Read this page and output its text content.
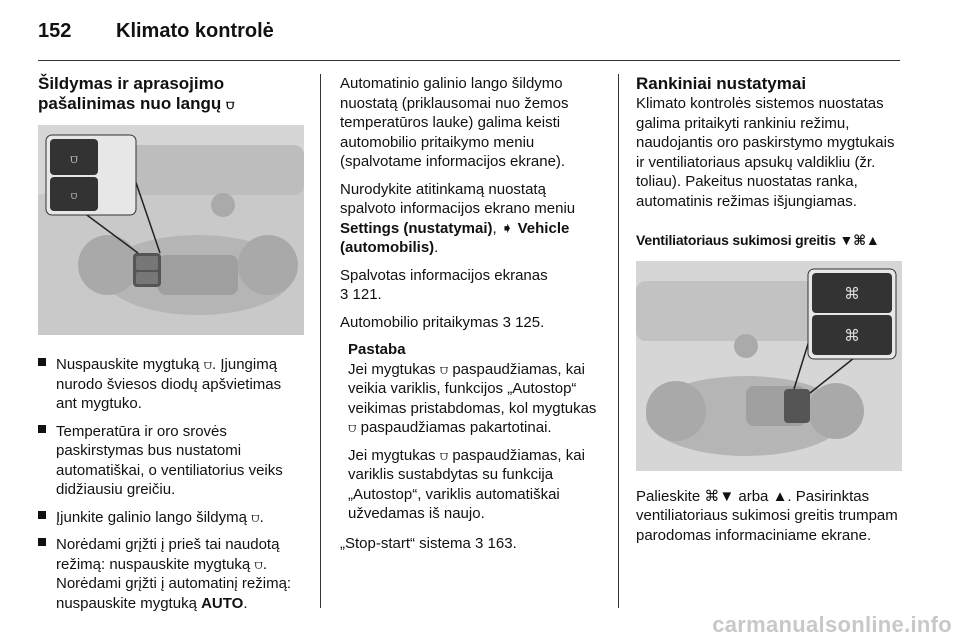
152	Klimato kontrolė
Šildymas ir aprasojimo pašalinimas nuo langų ⩌
⩌
⩌
Nuspauskite mygtuką ⩌. Įjungimą nurodo šviesos diodų apšvietimas ant mygtuko.
Temperatūra ir oro srovės paskirstymas bus nustatomi automatiškai, o ventiliatorius veiks didžiausiu greičiu.
Įjunkite galinio lango šildymą ⩌.
Norėdami grįžti į prieš tai naudotą režimą: nuspauskite mygtuką ⩌. Norėdami grįžti į automatinį režimą: nuspauskite mygtuką AUTO.

Automatinio galinio lango šildymo nuostatą (priklausomai nuo žemos temperatūros lauke) galima keisti automobilio pritaikymo meniu (spalvotame informacijos ekrane).

Nurodykite atitinkamą nuostatą spalvoto informacijos ekrano meniu Settings (nustatymai), ➧ Vehicle (automobilis).

Spalvotas informacijos ekranas
3 121.

Automobilio pritaikymas 3 125.

Pastaba

Jei mygtukas ⩌ paspaudžiamas, kai veikia variklis, funkcijos „Autostop“ veikimas pristabdomas, kol mygtukas ⩌ paspaudžiamas pakartotinai.

Jei mygtukas ⩌ paspaudžiamas, kai variklis sustabdytas su funkcija „Autostop“, variklis automatiškai užvedamas iš naujo.

„Stop-start“ sistema 3 163.

Rankiniai nustatymai

Klimato kontrolės sistemos nuostatas galima pritaikyti rankiniu režimu, naudojantis oro paskirstymo mygtukais ir ventiliatoriaus apsukų valdikliu (žr. toliau). Pakeitus nuostatas ranka, automatinis režimas išjungiamas.

Ventiliatoriaus sukimosi greitis ▼⌘▲
⌘
⌘

Palieskite ⌘▼ arba ▲. Pasirinktas ventiliatoriaus sukimosi greitis trumpam parodomas informaciniame ekrane.

carmanualsonline.info
